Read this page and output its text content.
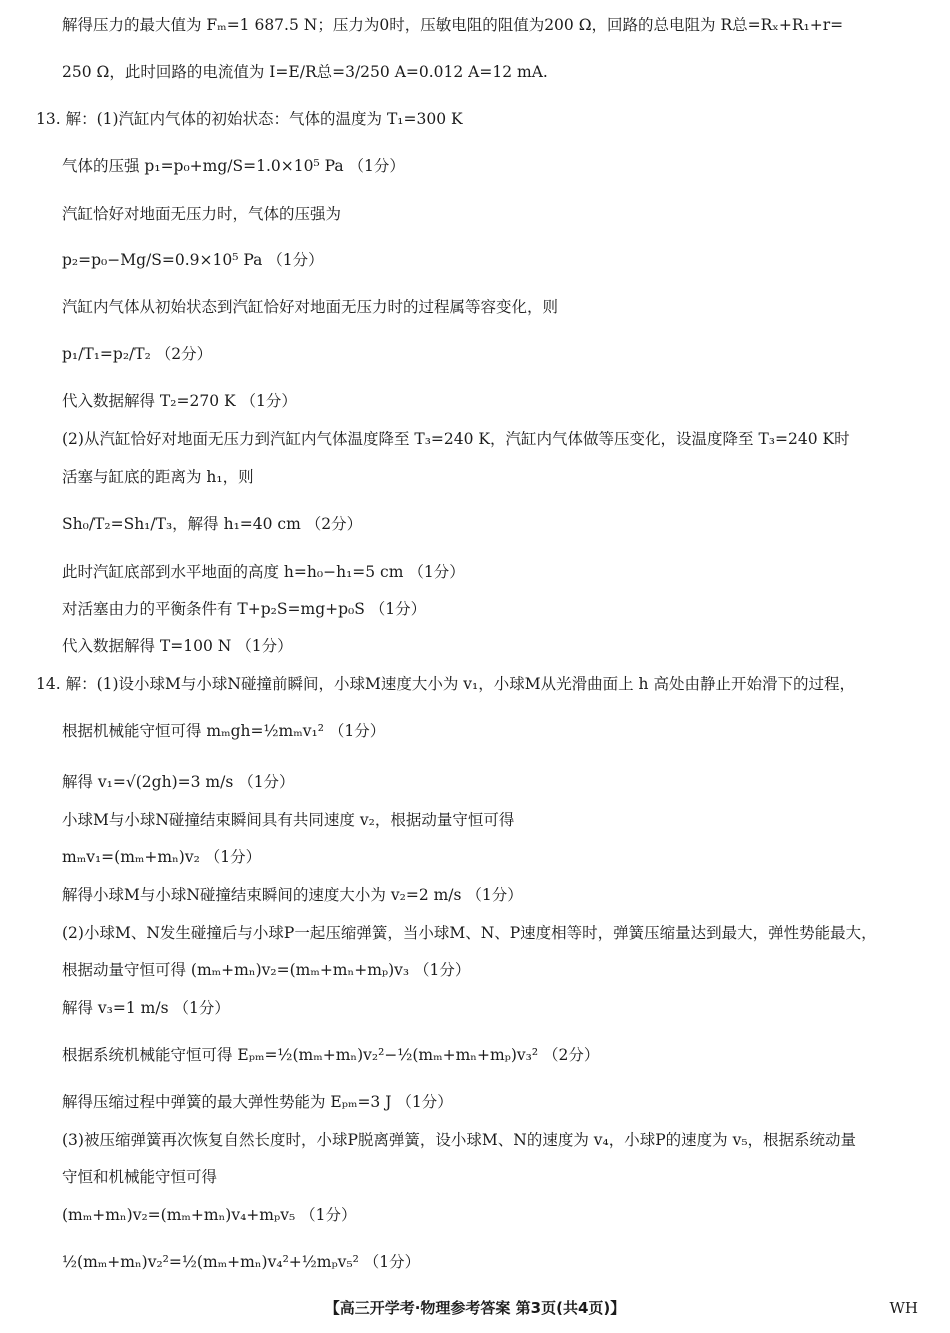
解得压力的最大值为 Fₘ=1 687.5 N；压力为0时，压敏电阻的阻值为200 Ω，回路的总电阻为 R总=Rₓ+R₁+r=
250 Ω，此时回路的电流值为 I=E/R总=3/250 A=0.012 A=12 mA.
13. 解：(1)汽缸内气体的初始状态：气体的温度为 T₁=300 K
气体的压强 p₁=p₀+mg/S=1.0×10⁵ Pa （1分）
汽缸恰好对地面无压力时，气体的压强为
p₂=p₀−Mg/S=0.9×10⁵ Pa （1分）
汽缸内气体从初始状态到汽缸恰好对地面无压力时的过程属等容变化，则
p₁/T₁=p₂/T₂ （2分）
代入数据解得 T₂=270 K （1分）
(2)从汽缸恰好对地面无压力到汽缸内气体温度降至 T₃=240 K，汽缸内气体做等压变化，设温度降至 T₃=240 K时
活塞与缸底的距离为 h₁，则
Sh₀/T₂=Sh₁/T₃，解得 h₁=40 cm （2分）
此时汽缸底部到水平地面的高度 h=h₀−h₁=5 cm （1分）
对活塞由力的平衡条件有 T+p₂S=mg+p₀S （1分）
代入数据解得 T=100 N （1分）
14. 解：(1)设小球M与小球N碰撞前瞬间，小球M速度大小为 v₁，小球M从光滑曲面上 h 高处由静止开始滑下的过程，
根据机械能守恒可得 mₘgh=½mₘv₁² （1分）
解得 v₁=√(2gh)=3 m/s （1分）
小球M与小球N碰撞结束瞬间具有共同速度 v₂，根据动量守恒可得
mₘv₁=(mₘ+mₙ)v₂ （1分）
解得小球M与小球N碰撞结束瞬间的速度大小为 v₂=2 m/s （1分）
(2)小球M、N发生碰撞后与小球P一起压缩弹簧，当小球M、N、P速度相等时，弹簧压缩量达到最大，弹性势能最大，
根据动量守恒可得 (mₘ+mₙ)v₂=(mₘ+mₙ+mₚ)v₃ （1分）
解得 v₃=1 m/s （1分）
根据系统机械能守恒可得 Eₚₘ=½(mₘ+mₙ)v₂²−½(mₘ+mₙ+mₚ)v₃² （2分）
解得压缩过程中弹簧的最大弹性势能为 Eₚₘ=3 J （1分）
(3)被压缩弹簧再次恢复自然长度时，小球P脱离弹簧，设小球M、N的速度为 v₄，小球P的速度为 v₅，根据系统动量
守恒和机械能守恒可得
(mₘ+mₙ)v₂=(mₘ+mₙ)v₄+mₚv₅ （1分）
½(mₘ+mₙ)v₂²=½(mₘ+mₙ)v₄²+½mₚv₅² （1分）
【高三开学考·物理参考答案 第3页(共4页)】	WH
